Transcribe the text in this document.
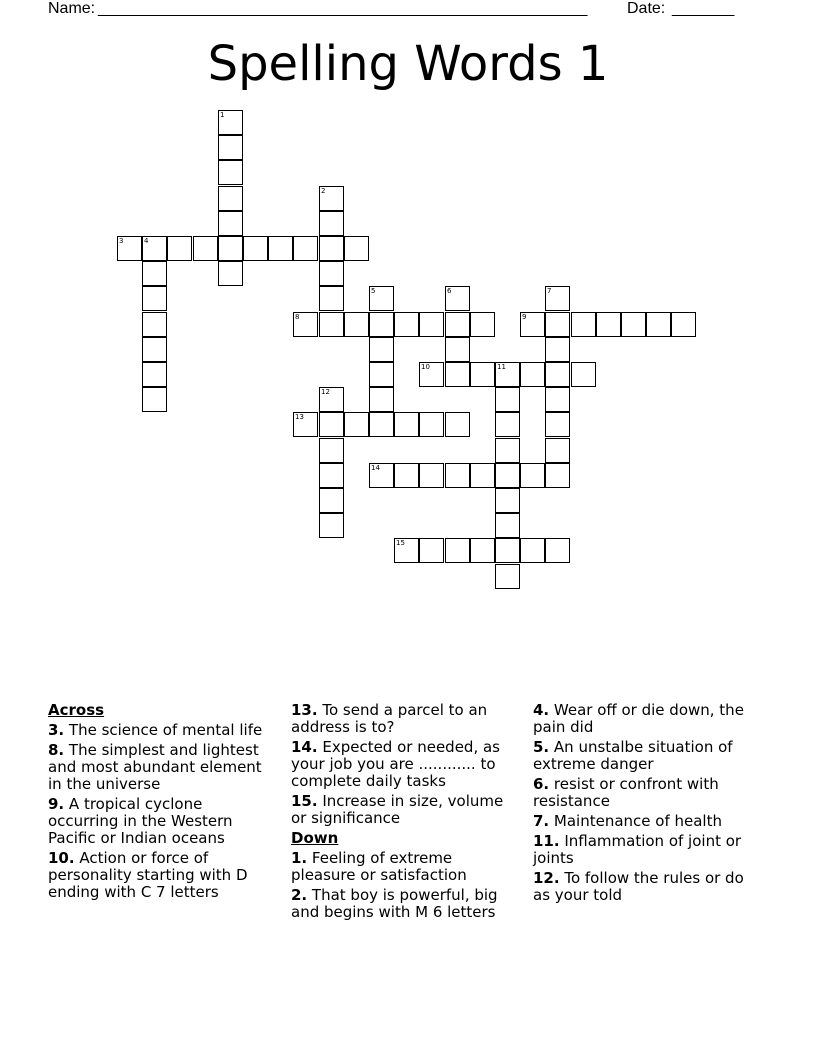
Name: _______________________________________________________ Date: _______
Spelling Words 1
1
2
3	4
5	6	7
8	9
10	11
12
13
14
15
Across
3. The science of mental life
8. The simplest and lightest and most abundant element in the universe
9. A tropical cyclone occurring in the Western Pacific or Indian oceans
10. Action or force of personality starting with D ending with C 7 letters
13. To send a parcel to an address is to?
14. Expected or needed, as your job you are ............ to complete daily tasks
15. Increase in size, volume or significance
Down
1. Feeling of extreme pleasure or satisfaction
2. That boy is powerful, big and begins with M 6 letters
4. Wear off or die down, the pain did
5. An unstalbe situation of extreme danger
6. resist or confront with resistance
7. Maintenance of health
11. Inflammation of joint or joints
12. To follow the rules or do as your told
